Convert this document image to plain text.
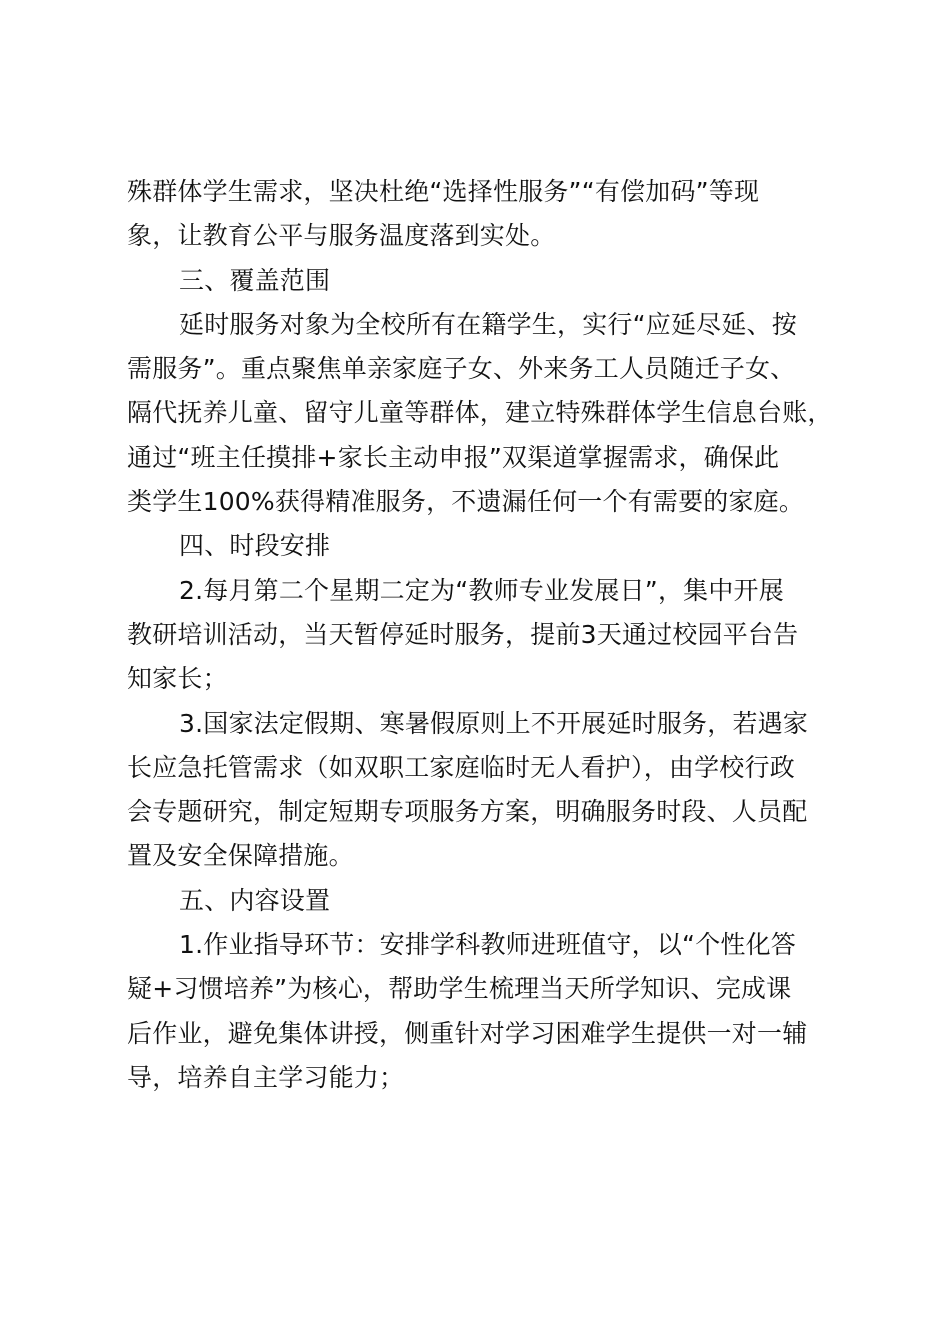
殊群体学生需求，坚决杜绝“选择性服务”“有偿加码”等现
象，让教育公平与服务温度落到实处。
三、覆盖范围
延时服务对象为全校所有在籍学生，实行“应延尽延、按
需服务”。重点聚焦单亲家庭子女、外来务工人员随迁子女、
隔代抚养儿童、留守儿童等群体，建立特殊群体学生信息台账，
通过“班主任摸排+家长主动申报”双渠道掌握需求，确保此
类学生100%获得精准服务，不遗漏任何一个有需要的家庭。
四、时段安排
2.每月第二个星期二定为“教师专业发展日”，集中开展
教研培训活动，当天暂停延时服务，提前3天通过校园平台告
知家长；
3.国家法定假期、寒暑假原则上不开展延时服务，若遇家
长应急托管需求（如双职工家庭临时无人看护），由学校行政
会专题研究，制定短期专项服务方案，明确服务时段、人员配
置及安全保障措施。
五、内容设置
1.作业指导环节：安排学科教师进班值守，以“个性化答
疑+习惯培养”为核心，帮助学生梳理当天所学知识、完成课
后作业，避免集体讲授，侧重针对学习困难学生提供一对一辅
导，培养自主学习能力；
